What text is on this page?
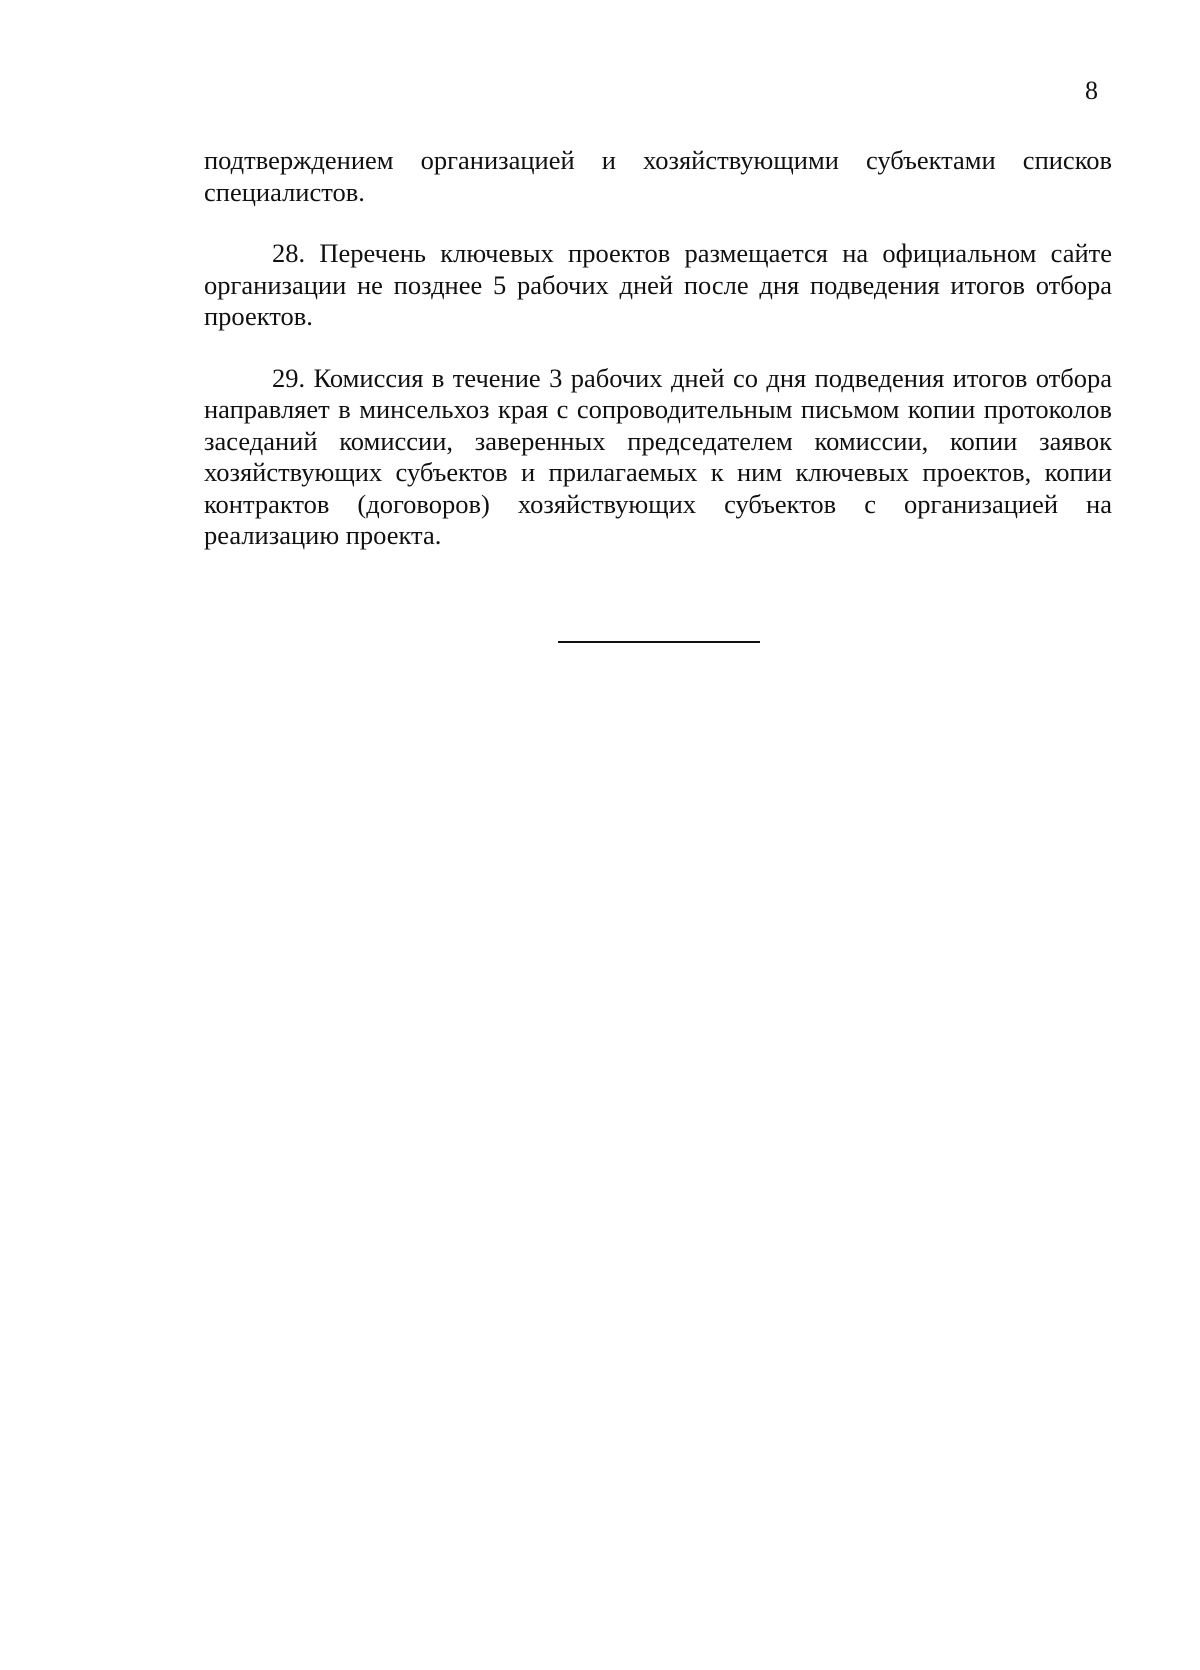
8

подтверждением организацией и хозяйствующими субъектами списков специалистов.

28. Перечень ключевых проектов размещается на официальном сайте организации не позднее 5 рабочих дней после дня подведения итогов отбора проектов.

29. Комиссия в течение 3 рабочих дней со дня подведения итогов отбора направляет в минсельхоз края с сопроводительным письмом копии протоколов заседаний комиссии, заверенных председателем комиссии, копии заявок хозяйствующих субъектов и прилагаемых к ним ключевых проектов, копии контрактов (договоров) хозяйствующих субъектов с организацией на реализацию проекта.
